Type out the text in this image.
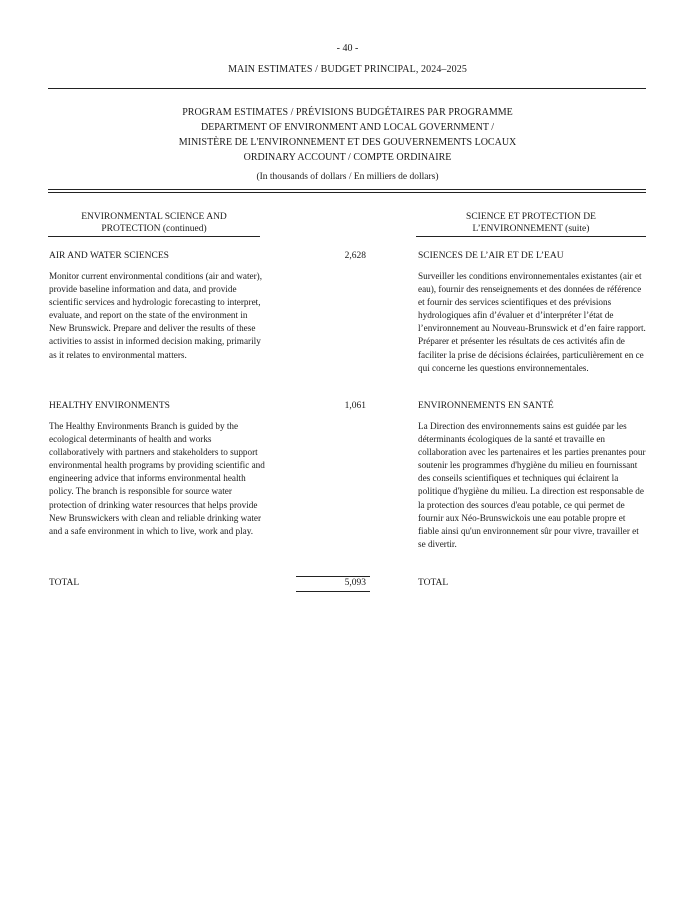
- 40 -
MAIN ESTIMATES / BUDGET PRINCIPAL, 2024–2025
PROGRAM ESTIMATES / PRÉVISIONS BUDGÉTAIRES PAR PROGRAMME
DEPARTMENT OF ENVIRONMENT AND LOCAL GOVERNMENT /
MINISTÈRE DE L'ENVIRONNEMENT ET DES GOUVERNEMENTS LOCAUX
ORDINARY ACCOUNT / COMPTE ORDINAIRE
(In thousands of dollars / En milliers de dollars)
ENVIRONMENTAL SCIENCE AND
PROTECTION (continued)
SCIENCE ET PROTECTION DE
L’ENVIRONNEMENT (suite)
AIR AND WATER SCIENCES	2,628	SCIENCES DE L’AIR ET DE L’EAU
Monitor current environmental conditions (air and water), provide baseline information and data, and provide scientific services and hydrologic forecasting to interpret, evaluate, and report on the state of the environment in New Brunswick. Prepare and deliver the results of these activities to assist in informed decision making, primarily as it relates to environmental matters.
Surveiller les conditions environnementales existantes (air et eau), fournir des renseignements et des données de référence et fournir des services scientifiques et des prévisions hydrologiques afin d’évaluer et d’interpréter l’état de l’environnement au Nouveau-Brunswick et d’en faire rapport. Préparer et présenter les résultats de ces activités afin de faciliter la prise de décisions éclairées, particulièrement en ce qui concerne les questions environnementales.
HEALTHY ENVIRONMENTS	1,061	ENVIRONNEMENTS EN SANTÉ
The Healthy Environments Branch is guided by the ecological determinants of health and works collaboratively with partners and stakeholders to support environmental health programs by providing scientific and engineering advice that informs environmental health policy. The branch is responsible for source water protection of drinking water resources that helps provide New Brunswickers with clean and reliable drinking water and a safe environment in which to live, work and play.
La Direction des environnements sains est guidée par les déterminants écologiques de la santé et travaille en collaboration avec les partenaires et les parties prenantes pour soutenir les programmes d'hygiène du milieu en fournissant des conseils scientifiques et techniques qui éclairent la politique d'hygiène du milieu. La direction est responsable de la protection des sources d'eau potable, ce qui permet de fournir aux Néo-Brunswickois une eau potable propre et fiable ainsi qu'un environnement sûr pour vivre, travailler et se divertir.
TOTAL	5,093	TOTAL
